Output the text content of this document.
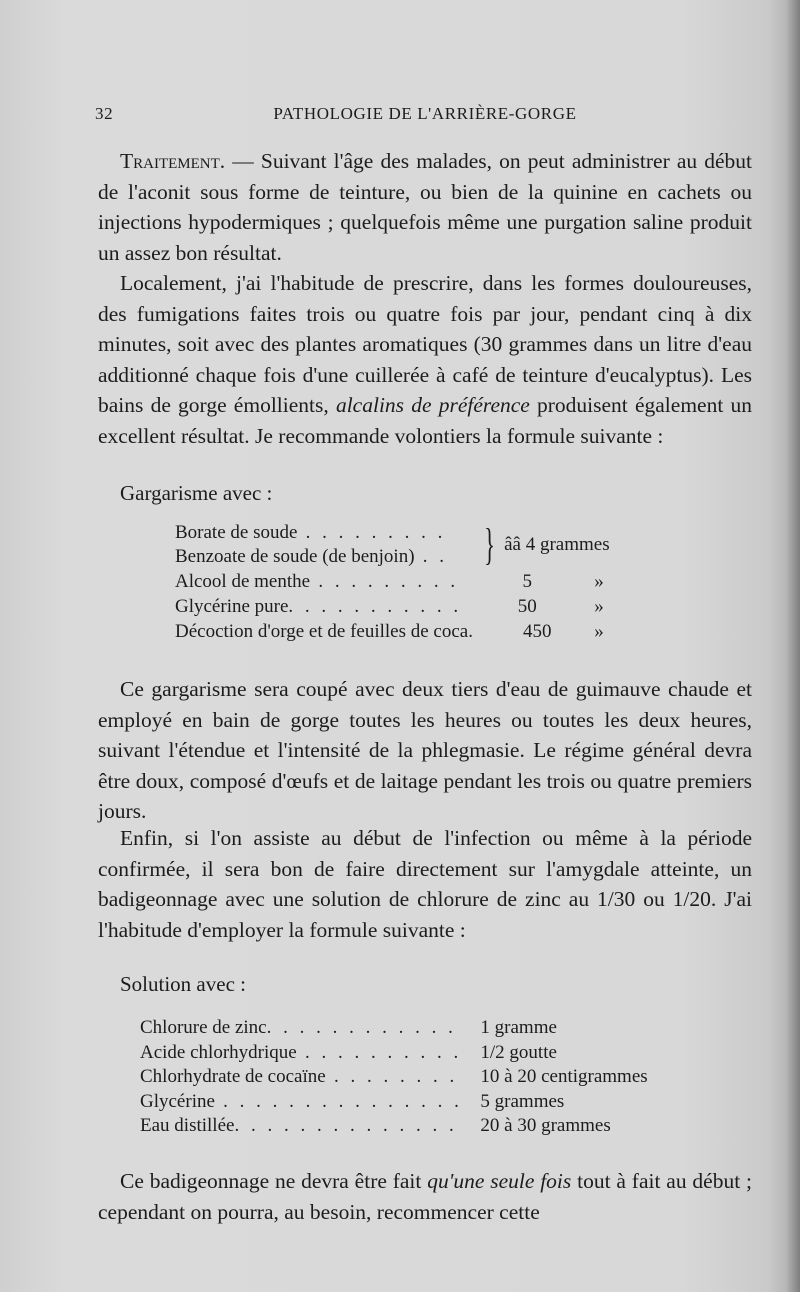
32	PATHOLOGIE DE L'ARRIÈRE-GORGE

Traitement. — Suivant l'âge des malades, on peut administrer au début de l'aconit sous forme de teinture, ou bien de la quinine en cachets ou injections hypodermiques ; quelquefois même une purgation saline produit un assez bon résultat.

Localement, j'ai l'habitude de prescrire, dans les formes douloureuses, des fumigations faites trois ou quatre fois par jour, pendant cinq à dix minutes, soit avec des plantes aromatiques (30 grammes dans un litre d'eau additionné chaque fois d'une cuillerée à café de teinture d'eucalyptus). Les bains de gorge émollients, alcalins de préférence produisent également un excellent résultat. Je recommande volontiers la formule suivante :

Gargarisme avec :
Borate de soude . . . . . . . . .	}	ââ 4 grammes	
Benzoate de soude (de benjoin) . .			
Alcool de menthe . . . . . . . . .		5	»
Glycérine pure. . . . . . . . . . .		50	»
Décoction d'orge et de feuilles de coca.		450	»

Ce gargarisme sera coupé avec deux tiers d'eau de guimauve chaude et employé en bain de gorge toutes les heures ou toutes les deux heures, suivant l'étendue et l'intensité de la phlegmasie. Le régime général devra être doux, composé d'œufs et de laitage pendant les trois ou quatre premiers jours.

Enfin, si l'on assiste au début de l'infection ou même à la période confirmée, il sera bon de faire directement sur l'amygdale atteinte, un badigeonnage avec une solution de chlorure de zinc au 1/30 ou 1/20. J'ai l'habitude d'employer la formule suivante :

Solution avec :
Chlorure de zinc. . . . . . . . . . . .	1 gramme
Acide chlorhydrique . . . . . . . . . .	1/2 goutte
Chlorhydrate de cocaïne . . . . . . . .	10 à 20 centigrammes
Glycérine . . . . . . . . . . . . . . .	5 grammes
Eau distillée. . . . . . . . . . . . . .	20 à 30 grammes

Ce badigeonnage ne devra être fait qu'une seule fois tout à fait au début ; cependant on pourra, au besoin, recommencer cette
